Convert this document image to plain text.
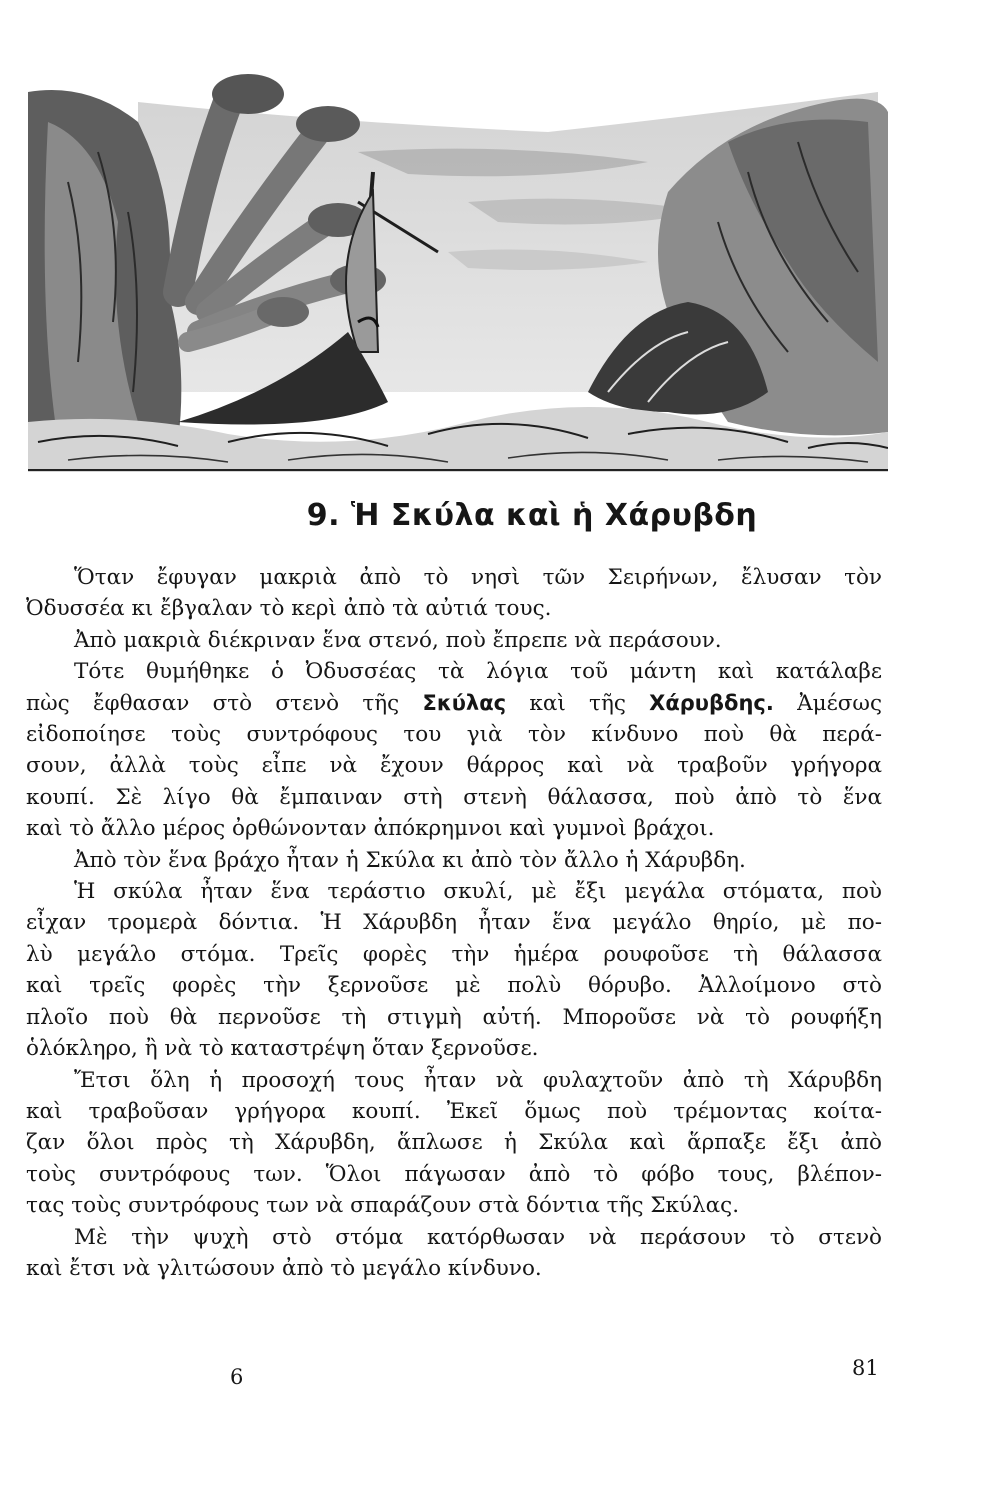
9. Ἡ Σκύλα καὶ ἡ Χάρυβδη
Ὅταν ἔφυγαν μακριὰ ἀπὸ τὸ νησὶ τῶν Σειρήνων, ἔλυσαν τὸν
Ὀδυσσέα κι ἔβγαλαν τὸ κερὶ ἀπὸ τὰ αὐτιά τους.
Ἀπὸ μακριὰ διέκριναν ἕνα στενό, ποὺ ἔπρεπε νὰ περάσουν.
Τότε θυμήθηκε ὁ Ὀδυσσέας τὰ λόγια τοῦ μάντη καὶ κατάλαβε
πὼς ἔφθασαν στὸ στενὸ τῆς Σκύλας καὶ τῆς Χάρυβδης. Ἀμέσως
εἰδοποίησε τοὺς συντρόφους του γιὰ τὸν κίνδυνο ποὺ θὰ περά-
σουν, ἀλλὰ τοὺς εἶπε νὰ ἔχουν θάρρος καὶ νὰ τραβοῦν γρήγορα
κουπί. Σὲ λίγο θὰ ἔμπαιναν στὴ στενὴ θάλασσα, ποὺ ἀπὸ τὸ ἕνα
καὶ τὸ ἄλλο μέρος ὀρθώνονταν ἀπόκρημνοι καὶ γυμνοὶ βράχοι.
Ἀπὸ τὸν ἕνα βράχο ἦταν ἡ Σκύλα κι ἀπὸ τὸν ἄλλο ἡ Χάρυβδη.
Ἡ σκύλα ἦταν ἕνα τεράστιο σκυλί, μὲ ἔξι μεγάλα στόματα, ποὺ
εἶχαν τρομερὰ δόντια. Ἡ Χάρυβδη ἦταν ἕνα μεγάλο θηρίο, μὲ πο-
λὺ μεγάλο στόμα. Τρεῖς φορὲς τὴν ἡμέρα ρουφοῦσε τὴ θάλασσα
καὶ τρεῖς φορὲς τὴν ξερνοῦσε μὲ πολὺ θόρυβο. Ἀλλοίμονο στὸ
πλοῖο ποὺ θὰ περνοῦσε τὴ στιγμὴ αὐτή. Μποροῦσε νὰ τὸ ρουφήξη
ὁλόκληρο, ἢ νὰ τὸ καταστρέψη ὅταν ξερνοῦσε.
Ἔτσι ὅλη ἡ προσοχή τους ἦταν νὰ φυλαχτοῦν ἀπὸ τὴ Χάρυβδη
καὶ τραβοῦσαν γρήγορα κουπί. Ἐκεῖ ὅμως ποὺ τρέμοντας κοίτα-
ζαν ὅλοι πρὸς τὴ Χάρυβδη, ἅπλωσε ἡ Σκύλα καὶ ἅρπαξε ἔξι ἀπὸ
τοὺς συντρόφους των. Ὅλοι πάγωσαν ἀπὸ τὸ φόβο τους, βλέπον-
τας τοὺς συντρόφους των νὰ σπαράζουν στὰ δόντια τῆς Σκύλας.
Μὲ τὴν ψυχὴ στὸ στόμα κατόρθωσαν νὰ περάσουν τὸ στενὸ
καὶ ἔτσι νὰ γλιτώσουν ἀπὸ τὸ μεγάλο κίνδυνο.
6	81
